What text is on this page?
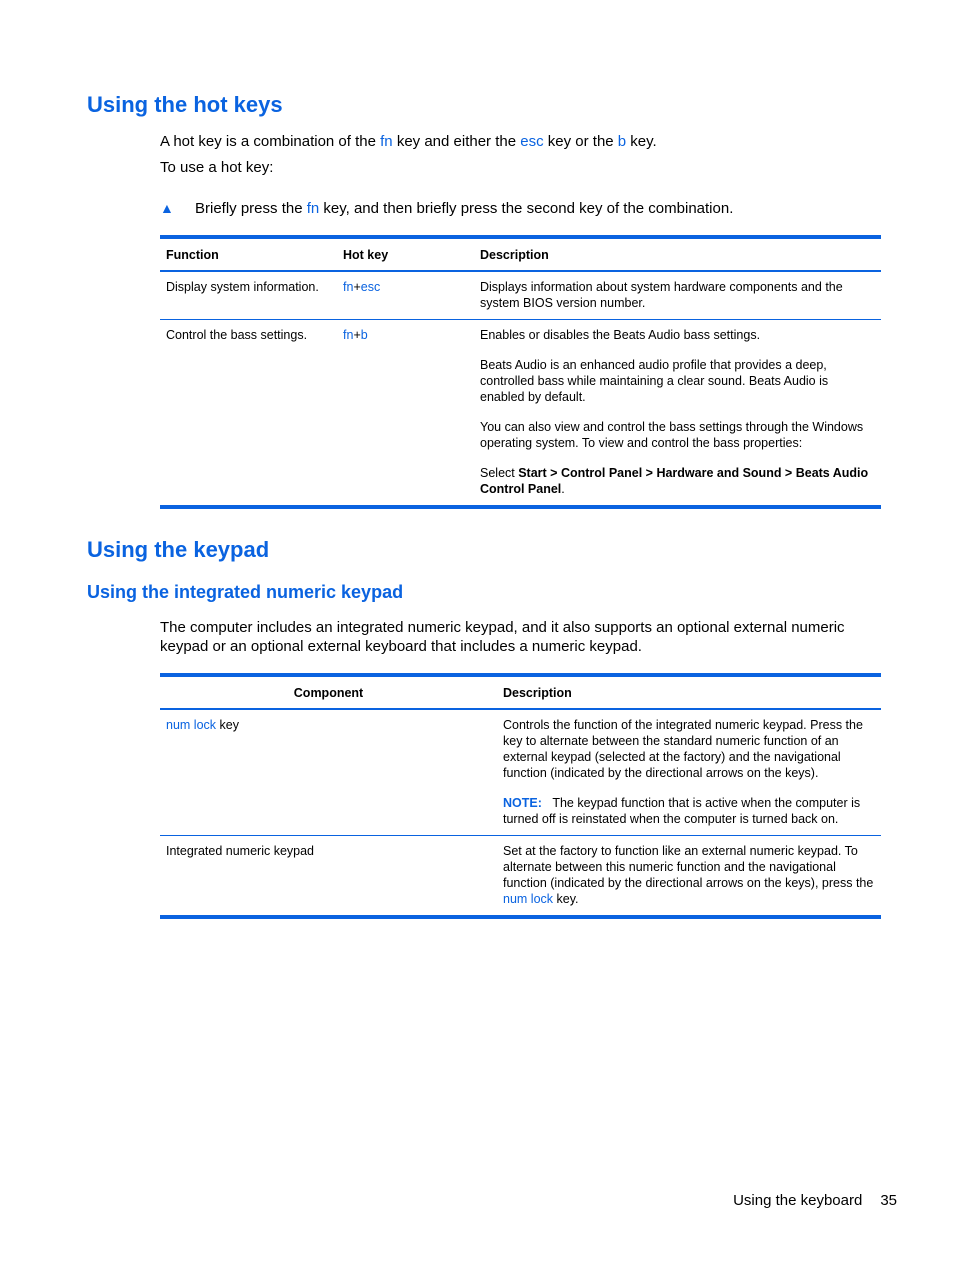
Using the hot keys

A hot key is a combination of the fn key and either the esc key or the b key.

To use a hot key:

▲ Briefly press the fn key, and then briefly press the second key of the combination.

Function	Hot key	Description
Display system information.	fn+esc	Displays information about system hardware components and the system BIOS version number.
Control the bass settings.	fn+b	Enables or disables the Beats Audio bass settings.

Beats Audio is an enhanced audio profile that provides a deep, controlled bass while maintaining a clear sound. Beats Audio is enabled by default.

You can also view and control the bass settings through the Windows operating system. To view and control the bass properties:

Select Start > Control Panel > Hardware and Sound > Beats Audio Control Panel.

Using the keypad
Using the integrated numeric keypad

The computer includes an integrated numeric keypad, and it also supports an optional external numeric keypad or an optional external keyboard that includes a numeric keypad.

Component	Description
num lock key	Controls the function of the integrated numeric keypad. Press the key to alternate between the standard numeric function of an external keypad (selected at the factory) and the navigational function (indicated by the directional arrows on the keys).

NOTE: The keypad function that is active when the computer is turned off is reinstated when the computer is turned back on.

Integrated numeric keypad	Set at the factory to function like an external numeric keypad. To alternate between this numeric function and the navigational function (indicated by the directional arrows on the keys), press the num lock key.

Using the keyboard 35
